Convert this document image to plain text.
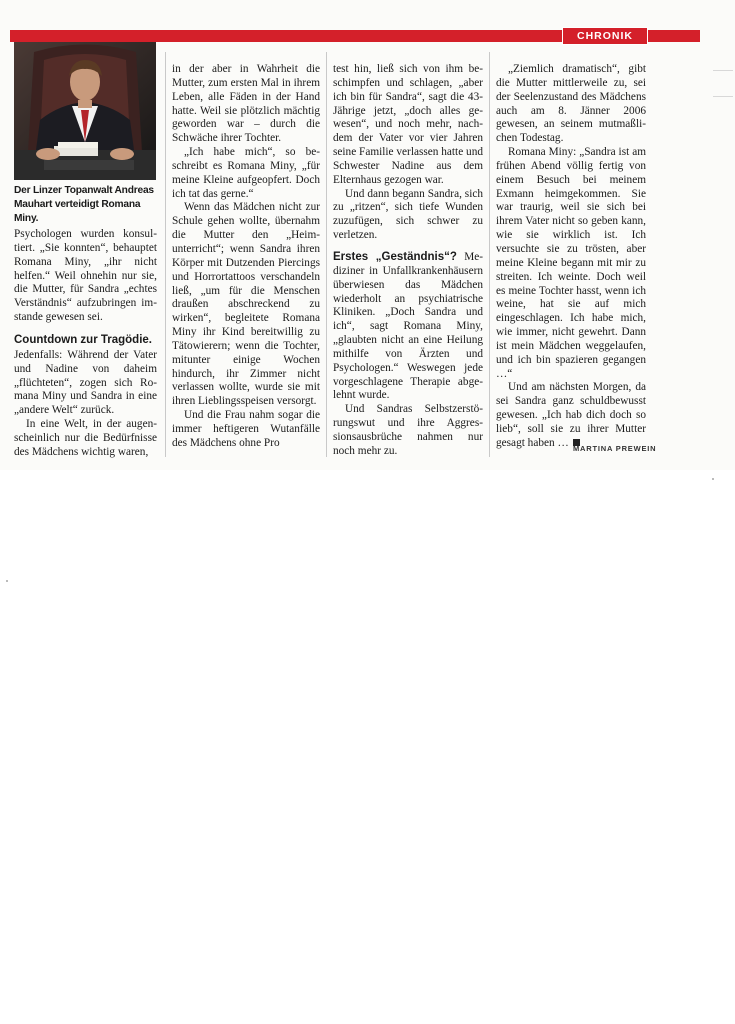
CHRONIK
Der Linzer Topanwalt Andreas Mauhart verteidigt Romana Miny.

Psychologen wurden konsultiert. „Sie konnten“, behauptet Romana Miny, „ihr nicht helfen.“ Weil ohnehin nur sie, die Mutter, für Sandra „echtes Verständnis“ aufzubringen imstande gewesen sei.

Countdown zur Tragödie.

Jedenfalls: Während der Vater und Nadine von daheim „flüchteten“, zogen sich Romana Miny und Sandra in eine „andere Welt“ zurück.

In eine Welt, in der augenscheinlich nur die Bedürfnisse des Mädchens wichtig waren,

in der aber in Wahrheit die Mutter, zum ersten Mal in ihrem Leben, alle Fäden in der Hand hatte. Weil sie plötzlich mächtig geworden war – durch die Schwäche ihrer Tochter.

„Ich habe mich“, so beschreibt es Romana Miny, „für meine Kleine aufgeopfert. Doch ich tat das gerne.“

Wenn das Mädchen nicht zur Schule gehen wollte, übernahm die Mutter den „Heimunterricht“; wenn Sandra ihren Körper mit Dutzenden Piercings und Horrortattoos verschandeln ließ, „um für die Menschen draußen abschreckend zu wirken“, begleitete Romana Miny ihr Kind bereitwillig zu Tätowierern; wenn die Tochter, mitunter einige Wochen hindurch, ihr Zimmer nicht verlassen wollte, wurde sie mit ihren Lieblingsspeisen versorgt.

Und die Frau nahm sogar die immer heftigeren Wutanfälle des Mädchens ohne Pro

test hin, ließ sich von ihm beschimpfen und schlagen, „aber ich bin für Sandra“, sagt die 43-Jährige jetzt, „doch alles gewesen“, und noch mehr, nachdem der Vater vor vier Jahren seine Familie verlassen hatte und Schwester Nadine aus dem Elternhaus gezogen war.

Und dann begann Sandra, sich zu „ritzen“, sich tiefe Wunden zuzufügen, sich schwer zu verletzen.

Erstes „Geständnis“? Mediziner in Unfallkrankenhäusern überwiesen das Mädchen wiederholt an psychiatrische Kliniken. „Doch Sandra und ich“, sagt Romana Miny, „glaubten nicht an eine Heilung mithilfe von Ärzten und Psychologen.“ Weswegen jede vorgeschlagene Therapie abgelehnt wurde.

Und Sandras Selbstzerstörungswut und ihre Aggressionsausbrüche nahmen nur noch mehr zu.

„Ziemlich dramatisch“, gibt die Mutter mittlerweile zu, sei der Seelenzustand des Mädchens auch am 8. Jänner 2006 gewesen, an seinem mutmaßlichen Todestag.

Romana Miny: „Sandra ist am frühen Abend völlig fertig von einem Besuch bei meinem Exmann heimgekommen. Sie war traurig, weil sie sich bei ihrem Vater nicht so geben kann, wie sie wirklich ist. Ich versuchte sie zu trösten, aber meine Kleine begann mit mir zu streiten. Ich weinte. Doch weil es meine Tochter hasst, wenn ich weine, hat sie auf mich eingeschlagen. Ich habe mich, wie immer, nicht gewehrt. Dann ist mein Mädchen weggelaufen, und ich bin spazieren gegangen …“

Und am nächsten Morgen, da sei Sandra ganz schuldbewusst gewesen. „Ich hab dich doch so lieb“, soll sie zu ihrer Mutter gesagt haben … MARTINA PREWEIN
